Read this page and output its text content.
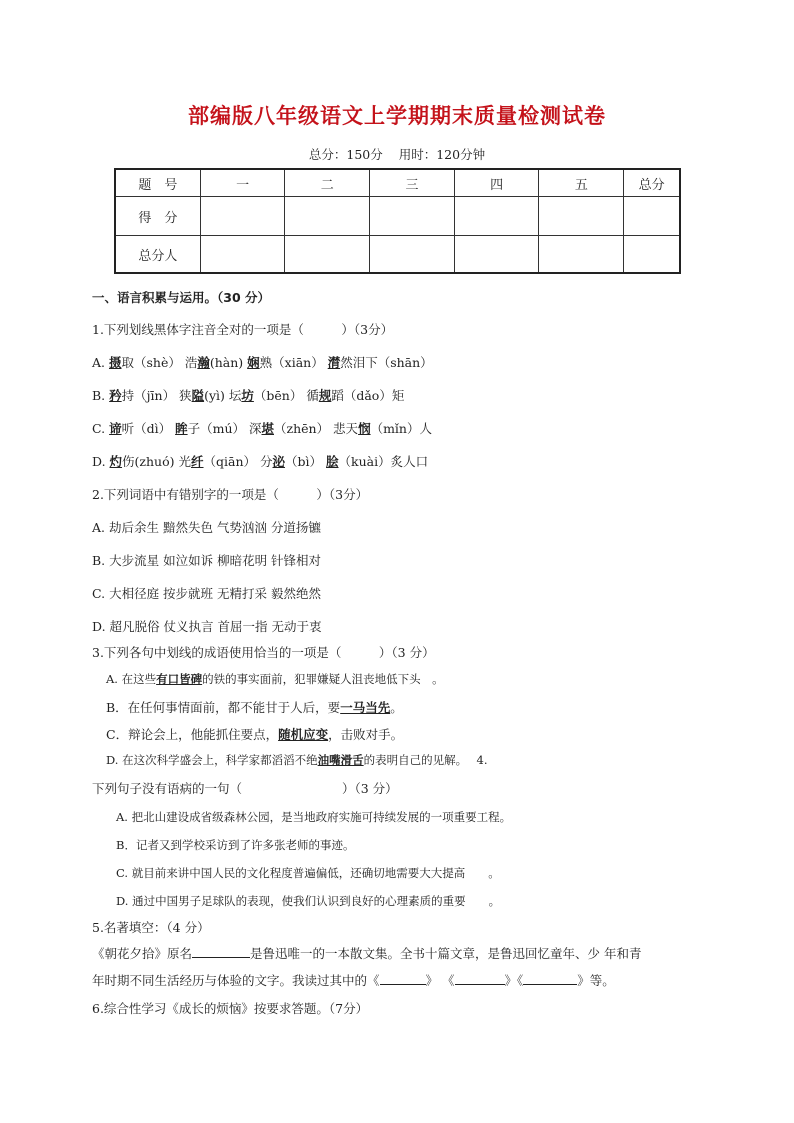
部编版八年级语文上学期期末质量检测试卷
总分：150分 用时：120分钟
题　号	一	二	三	四	五	总分
得　分						
总分人						
一、语言积累与运用。（30 分）
1.下列划线黑体字注音全对的一项是（　　　）（3分）
A. 摄取（shè） 浩瀚(hàn) 娴熟（xiān） 潸然泪下（shān）
B. 矜持（jīn） 狭隘(yì) 坛坊（bēn） 循规蹈（dǎo）矩
C. 谛听（dì） 眸子（mú） 深堪（zhēn） 悲天悯（mǐn）人
D. 灼伤(zhuó) 光纤（qiān） 分泌（bì） 脍（kuài）炙人口
2.下列词语中有错别字的一项是（　　　）（3分）
A. 劫后余生 黯然失色 气势汹汹 分道扬镳
B. 大步流星 如泣如诉 柳暗花明 针锋相对
C. 大相径庭 按步就班 无精打采 毅然绝然
D. 超凡脱俗 仗义执言 首屈一指 无动于衷
3.下列各句中划线的成语使用恰当的一项是（　　　）（3 分）
A. 在这些有口皆碑的铁的事实面前，犯罪嫌疑人沮丧地低下头　。
B．在任何事情面前，都不能甘于人后，要一马当先。
C．辩论会上，他能抓住要点，随机应变，击败对手。
D. 在这次科学盛会上，科学家都滔滔不绝油嘴滑舌的表明自己的见解。　 4.
下列句子没有语病的一句（　　　　　　　　）（3 分）
A. 把北山建设成省级森林公园，是当地政府实施可持续发展的一项重要工程。
B．记者又到学校采访到了许多张老师的事迹。
C. 就目前来讲中国人民的文化程度普遍偏低，还确切地需要大大提高　　。
D. 通过中国男子足球队的表现，使我们认识到良好的心理素质的重要　　。
5.名著填空：（4 分）
《朝花夕拾》原名	是鲁迅唯一的一本散文集。全书十篇文章，是鲁迅回忆童年、少 年和青
年时期不同生活经历与体验的文字。我读过其中的《	》 《	》《	》等。
6.综合性学习《成长的烦恼》按要求答题。（7分）
